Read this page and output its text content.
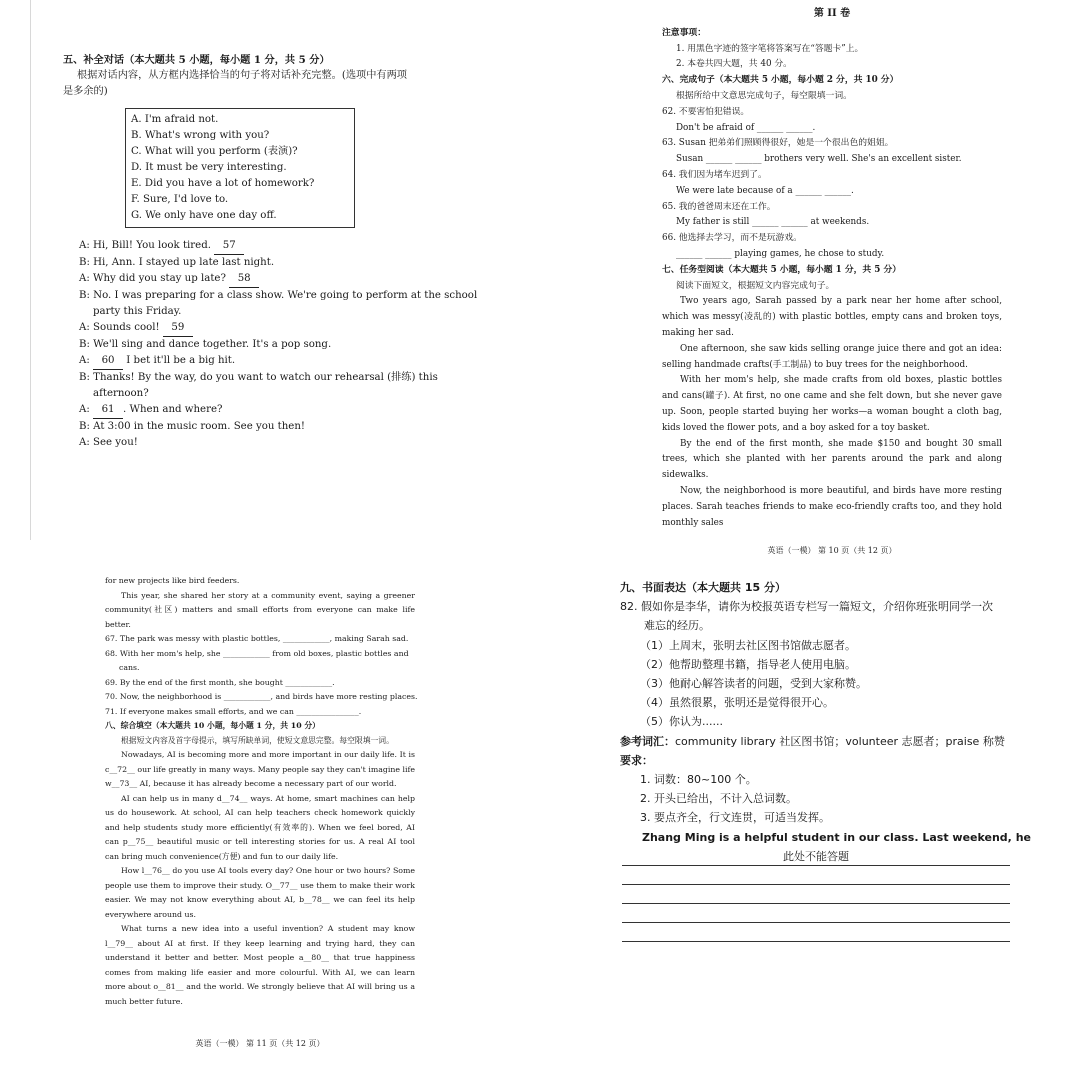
五、补全对话（本大题共 5 小题，每小题 1 分，共 5 分）
根据对话内容，从方框内选择恰当的句子将对话补充完整。(选项中有两项
是多余的)
A. I'm afraid not.
B. What's wrong with you?
C. What will you perform (表演)?
D. It must be very interesting.
E. Did you have a lot of homework?
F. Sure, I'd love to.
G. We only have one day off.
A: Hi, Bill! You look tired. 57
B: Hi, Ann. I stayed up late last night.
A: Why did you stay up late? 58
B: No. I was preparing for a class show. We're going to perform at the school
party this Friday.
A: Sounds cool! 59
B: We'll sing and dance together. It's a pop song.
A: 60 I bet it'll be a big hit.
B: Thanks! By the way, do you want to watch our rehearsal (排练) this
afternoon?
A: 61 . When and where?
B: At 3:00 in the music room. See you then!
A: See you!
第 II 卷
注意事项：
1. 用黑色字迹的签字笔将答案写在“答题卡”上。
2. 本卷共四大题，共 40 分。
六、完成句子（本大题共 5 小题，每小题 2 分，共 10 分）
根据所给中文意思完成句子，每空限填一词。
62. 不要害怕犯错误。
Don't be afraid of ______ ______.
63. Susan 把弟弟们照顾得很好，她是一个很出色的姐姐。
Susan ______ ______ brothers very well. She's an excellent sister.
64. 我们因为堵车迟到了。
We were late because of a ______ ______.
65. 我的爸爸周末还在工作。
My father is still ______ ______ at weekends.
66. 他选择去学习，而不是玩游戏。
______ ______ playing games, he chose to study.
七、任务型阅读（本大题共 5 小题，每小题 1 分，共 5 分）
阅读下面短文，根据短文内容完成句子。
Two years ago, Sarah passed by a park near her home after school, which was messy(凌乱的) with plastic bottles, empty cans and broken toys, making her sad.
One afternoon, she saw kids selling orange juice there and got an idea: selling handmade crafts(手工制品) to buy trees for the neighborhood.
With her mom's help, she made crafts from old boxes, plastic bottles and cans(罐子). At first, no one came and she felt down, but she never gave up. Soon, people started buying her works—a woman bought a cloth bag, kids loved the flower pots, and a boy asked for a toy basket.
By the end of the first month, she made $150 and bought 30 small trees, which she planted with her parents around the park and along sidewalks.
Now, the neighborhood is more beautiful, and birds have more resting places. Sarah teaches friends to make eco-friendly crafts too, and they hold monthly sales
英语（一模） 第 10 页（共 12 页）
for new projects like bird feeders.
This year, she shared her story at a community event, saying a greener community(社区) matters and small efforts from everyone can make life better.
67. The park was messy with plastic bottles, ____________, making Sarah sad.
68. With her mom's help, she ____________ from old boxes, plastic bottles and
cans.
69. By the end of the first month, she bought ____________.
70. Now, the neighborhood is ____________, and birds have more resting places.
71. If everyone makes small efforts, and we can ________________.
八、综合填空（本大题共 10 小题，每小题 1 分，共 10 分）
根据短文内容及首字母提示，填写所缺单词，使短文意思完整。每空限填一词。
Nowadays, AI is becoming more and more important in our daily life. It is c__72__ our life greatly in many ways. Many people say they can't imagine life w__73__ AI, because it has already become a necessary part of our world.
AI can help us in many d__74__ ways. At home, smart machines can help us do housework. At school, AI can help teachers check homework quickly and help students study more efficiently(有效率的). When we feel bored, AI can p__75__ beautiful music or tell interesting stories for us. A real AI tool can bring much convenience(方便) and fun to our daily life.
How l__76__ do you use AI tools every day? One hour or two hours? Some people use them to improve their study. O__77__ use them to make their work easier. We may not know everything about AI, b__78__ we can feel its help everywhere around us.
What turns a new idea into a useful invention? A student may know l__79__ about AI at first. If they keep learning and trying hard, they can understand it better and better. Most people a__80__ that true happiness comes from making life easier and more colourful. With AI, we can learn more about o__81__ and the world. We strongly believe that AI will bring us a much better future.
英语（一模） 第 11 页（共 12 页）
九、书面表达（本大题共 15 分）
82. 假如你是李华，请你为校报英语专栏写一篇短文，介绍你班张明同学一次
难忘的经历。
（1）上周末，张明去社区图书馆做志愿者。
（2）他帮助整理书籍，指导老人使用电脑。
（3）他耐心解答读者的问题，受到大家称赞。
（4）虽然很累，张明还是觉得很开心。
（5）你认为......
参考词汇：community library 社区图书馆；volunteer 志愿者；praise 称赞
要求：
1. 词数：80~100 个。
2. 开头已给出，不计入总词数。
3. 要点齐全，行文连贯，可适当发挥。
Zhang Ming is a helpful student in our class. Last weekend, he
此处不能答题
